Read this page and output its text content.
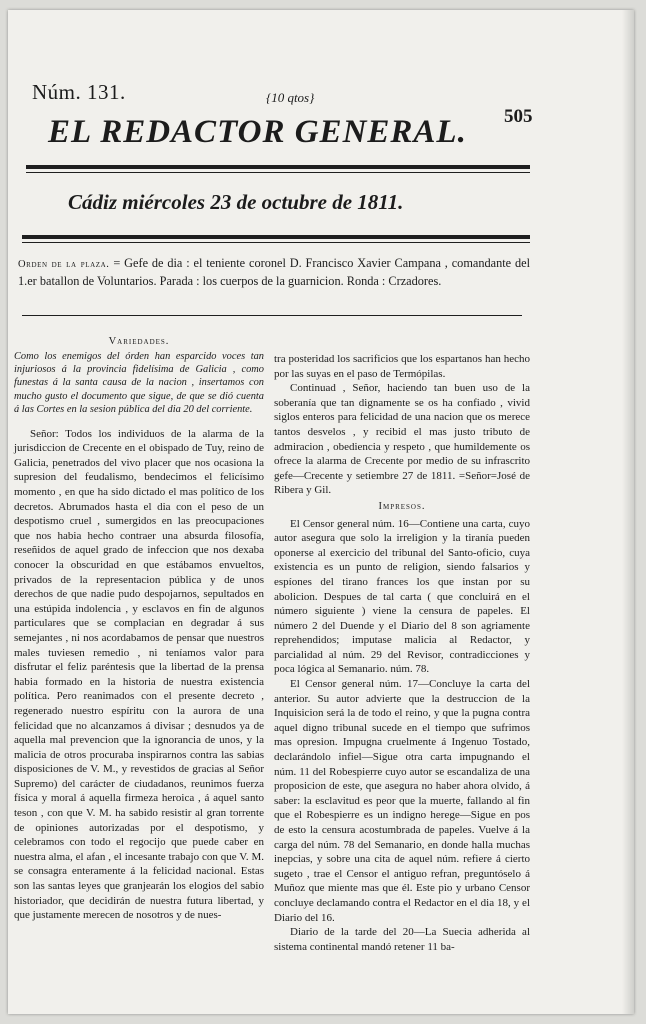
Núm. 131.	{10 qtos}
505
EL REDACTOR GENERAL.
Cádiz miércoles 23 de octubre de 1811.
Orden de la plaza. = Gefe de dia : el teniente coronel D. Francisco Xavier Campana , comandante del 1.er batallon de Voluntarios. Parada : los cuerpos de la guarnicion. Ronda : Crzadores.

Variedades.

Como los enemigos del órden han esparcido voces tan injuriosos á la provincia fidelísima de Galicia , como funestas á la santa causa de la nacion , insertamos con mucho gusto el documento que sigue, de que se dió cuenta á las Cortes en la sesion pública del dia 20 del corriente.

Señor: Todos los individuos de la alarma de la jurisdiccion de Crecente en el obispado de Tuy, reino de Galicia, penetrados del vivo placer que nos ocasiona la supresion del feudalismo, bendecimos el felicísimo momento , en que ha sido dictado el mas político de los decretos. Abrumados hasta el dia con el peso de un despotismo cruel , sumergidos en las preocupaciones que nos habia hecho contraer una absurda filosofía, reseñidos de aquel grado de infeccion que nos dexaba conocer la obscuridad en que estábamos envueltos, privados de la representacion pública y de unos derechos de que nadie pudo despojarnos, sepultados en una estúpida indolencia , y esclavos en fin de algunos particulares que se complacian en degradar á sus semejantes , ni nos acordabamos de pensar que nuestros males tuviesen remedio , ni teníamos valor para disfrutar el feliz paréntesis que la libertad de la prensa habia formado en la historia de nuestra existencia política. Pero reanimados con el presente decreto , regenerado nuestro espíritu con la aurora de una felicidad que no alcanzamos á divisar ; desnudos ya de aquella mal prevencion que la ignorancia de unos, y la malicia de otros procuraba inspirarnos contra las sabias disposiciones de V. M., y revestidos de gracias al Señor Supremo) del carácter de ciudadanos, reunimos fuerza física y moral á aquella firmeza heroica , á aquel santo teson , con que V. M. ha sabido resistir al gran torrente de opiniones autorizadas por el despotismo, y celebramos con todo el regocijo que puede caber en nuestra alma, el afan , el incesante trabajo con que V. M. se consagra enteramente á la felicidad nacional. Estas son las santas leyes que granjearán los elogios del sabio historiador, que decidirán de nuestra futura libertad, y que justamente merecen de nosotros y de nues-

tra posteridad los sacrificios que los espartanos han hecho por las suyas en el paso de Termópilas.

Continuad , Señor, haciendo tan buen uso de la soberanía que tan dignamente se os ha confiado , vivid siglos enteros para felicidad de una nacion que os merece tantos desvelos , y recibid el mas justo tributo de admiracion , obediencia y respeto , que humildemente os ofrece la alarma de Crecente por medio de su infrascrito gefe—Crecente y setiembre 27 de 1811. =Señor=José de Ribera y Gil.

Impresos.

El Censor general núm. 16—Contiene una carta, cuyo autor asegura que solo la irreligion y la tiranía pueden oponerse al exercicio del tribunal del Santo-oficio, cuya existencia es un punto de religion, siendo falsarios y espíones del tirano frances los que instan por su abolicion. Despues de tal carta ( que concluirá en el número siguiente ) viene la censura de papeles. El número 2 del Duende y el Diario del 8 son agriamente reprehendidos; imputase malicia al Redactor, y parcialidad al núm. 29 del Revisor, contradicciones y poca lógica al Semanario. núm. 78.

El Censor general núm. 17—Concluye la carta del anterior. Su autor advierte que la destruccion de la Inquisicion será la de todo el reino, y que la pugna contra aquel digno tribunal sucede en el tiempo que sufrimos mas opresion. Impugna cruelmente á Ingenuo Tostado, declarándolo infiel—Sigue otra carta impugnando el núm. 11 del Robespierre cuyo autor se escandaliza de una proposicion de este, que asegura no haber ahora olvido, á saber: la esclavitud es peor que la muerte, fallando al fin que el Robespierre es un indigno herege—Sigue en pos de esto la censura acostumbrada de papeles. Vuelve á la carga del núm. 78 del Semanario, en donde halla muchas inepcias, y sobre una cita de aquel núm. refiere á cierto sugeto , trae el Censor el antiguo refran, preguntóselo á Muñoz que miente mas que él. Este pio y urbano Censor concluye declamando contra el Redactor en el dia 18, y el Diario del 16.

Diario de la tarde del 20—La Suecia adherida al sistema continental mandó retener 11 ba-
